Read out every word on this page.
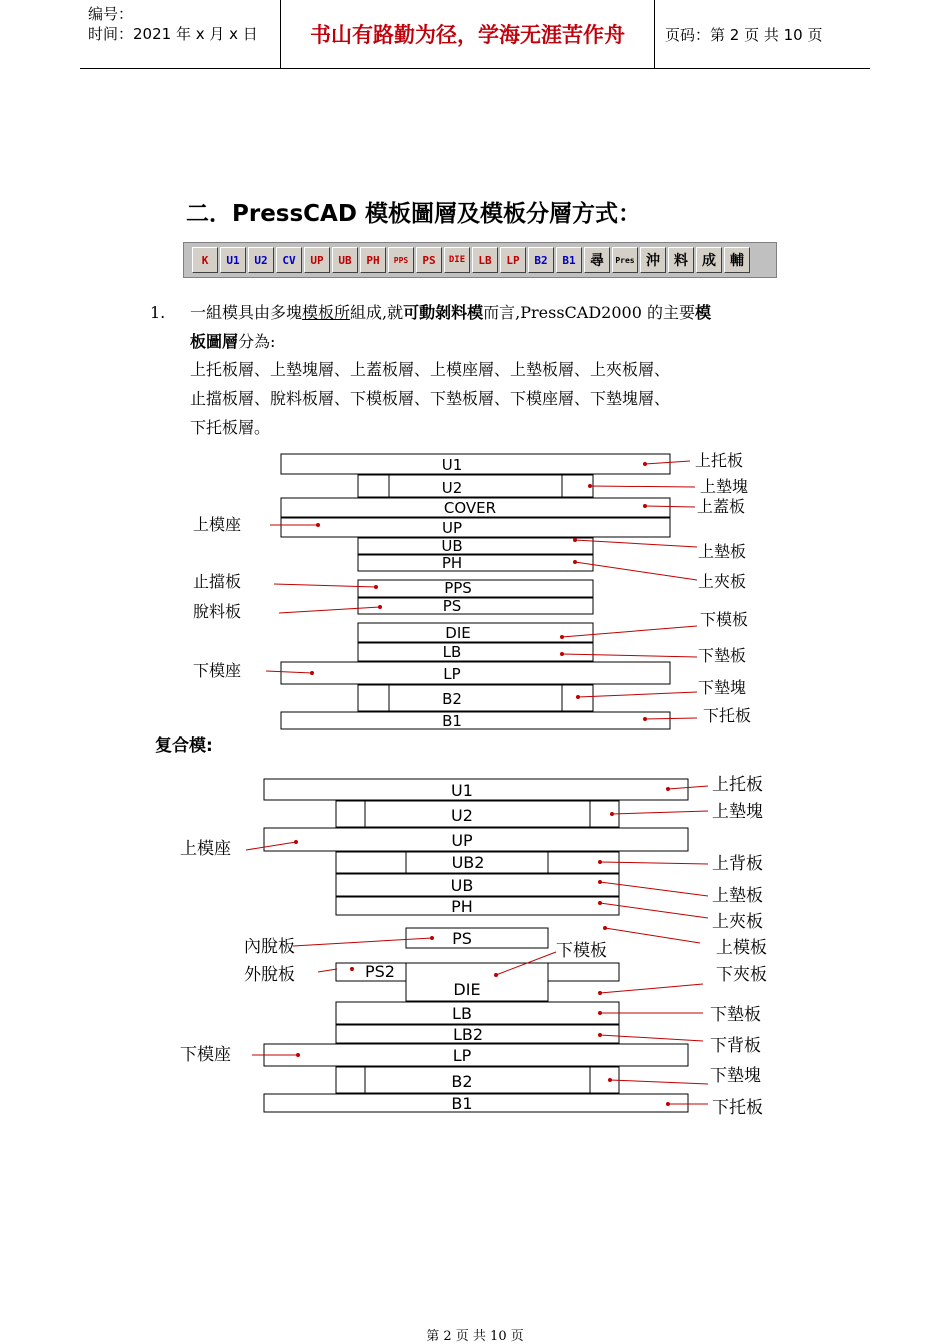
编号：
时间：2021 年 x 月 x 日	书山有路勤为径，学海无涯苦作舟	页码：第 2 页 共 10 页
二．PressCAD 模板圖層及模板分層方式：
K	U1	U2	CV	UP	UB	PH	PPS	PS	DIE	LB	LP	B2	B1	尋	Pres 沖	料	成	輔
1. 一組模具由多塊模板所組成,就可動剝料模而言,PressCAD2000 的主要模
板圖層分為:
上托板層、上墊塊層、上蓋板層、上模座層、上墊板層、上夾板層、
止擋板層、脫料板層、下模板層、下墊板層、下模座層、下墊塊層、
下托板層。
U1
U2
COVER
UP
UB
PH
PPS
PS
DIE
LB
LP
B2
B1
上托板
上墊塊
上蓋板
上墊板
上夾板
下模板
下墊板
下墊塊
下托板
上模座
止擋板
脫料板
下模座
U1
U2
UP
UB2
UB
PH
PS
PS2
DIE
LB
LB2
LP
B2
B1
上托板
上墊塊
上背板
上墊板
上夾板
上模板
下夾板
下墊板
下背板
下墊塊
下托板
上模座
內脫板
外脫板
下模座
下模板
复合模:
第 2 页 共 10 页
